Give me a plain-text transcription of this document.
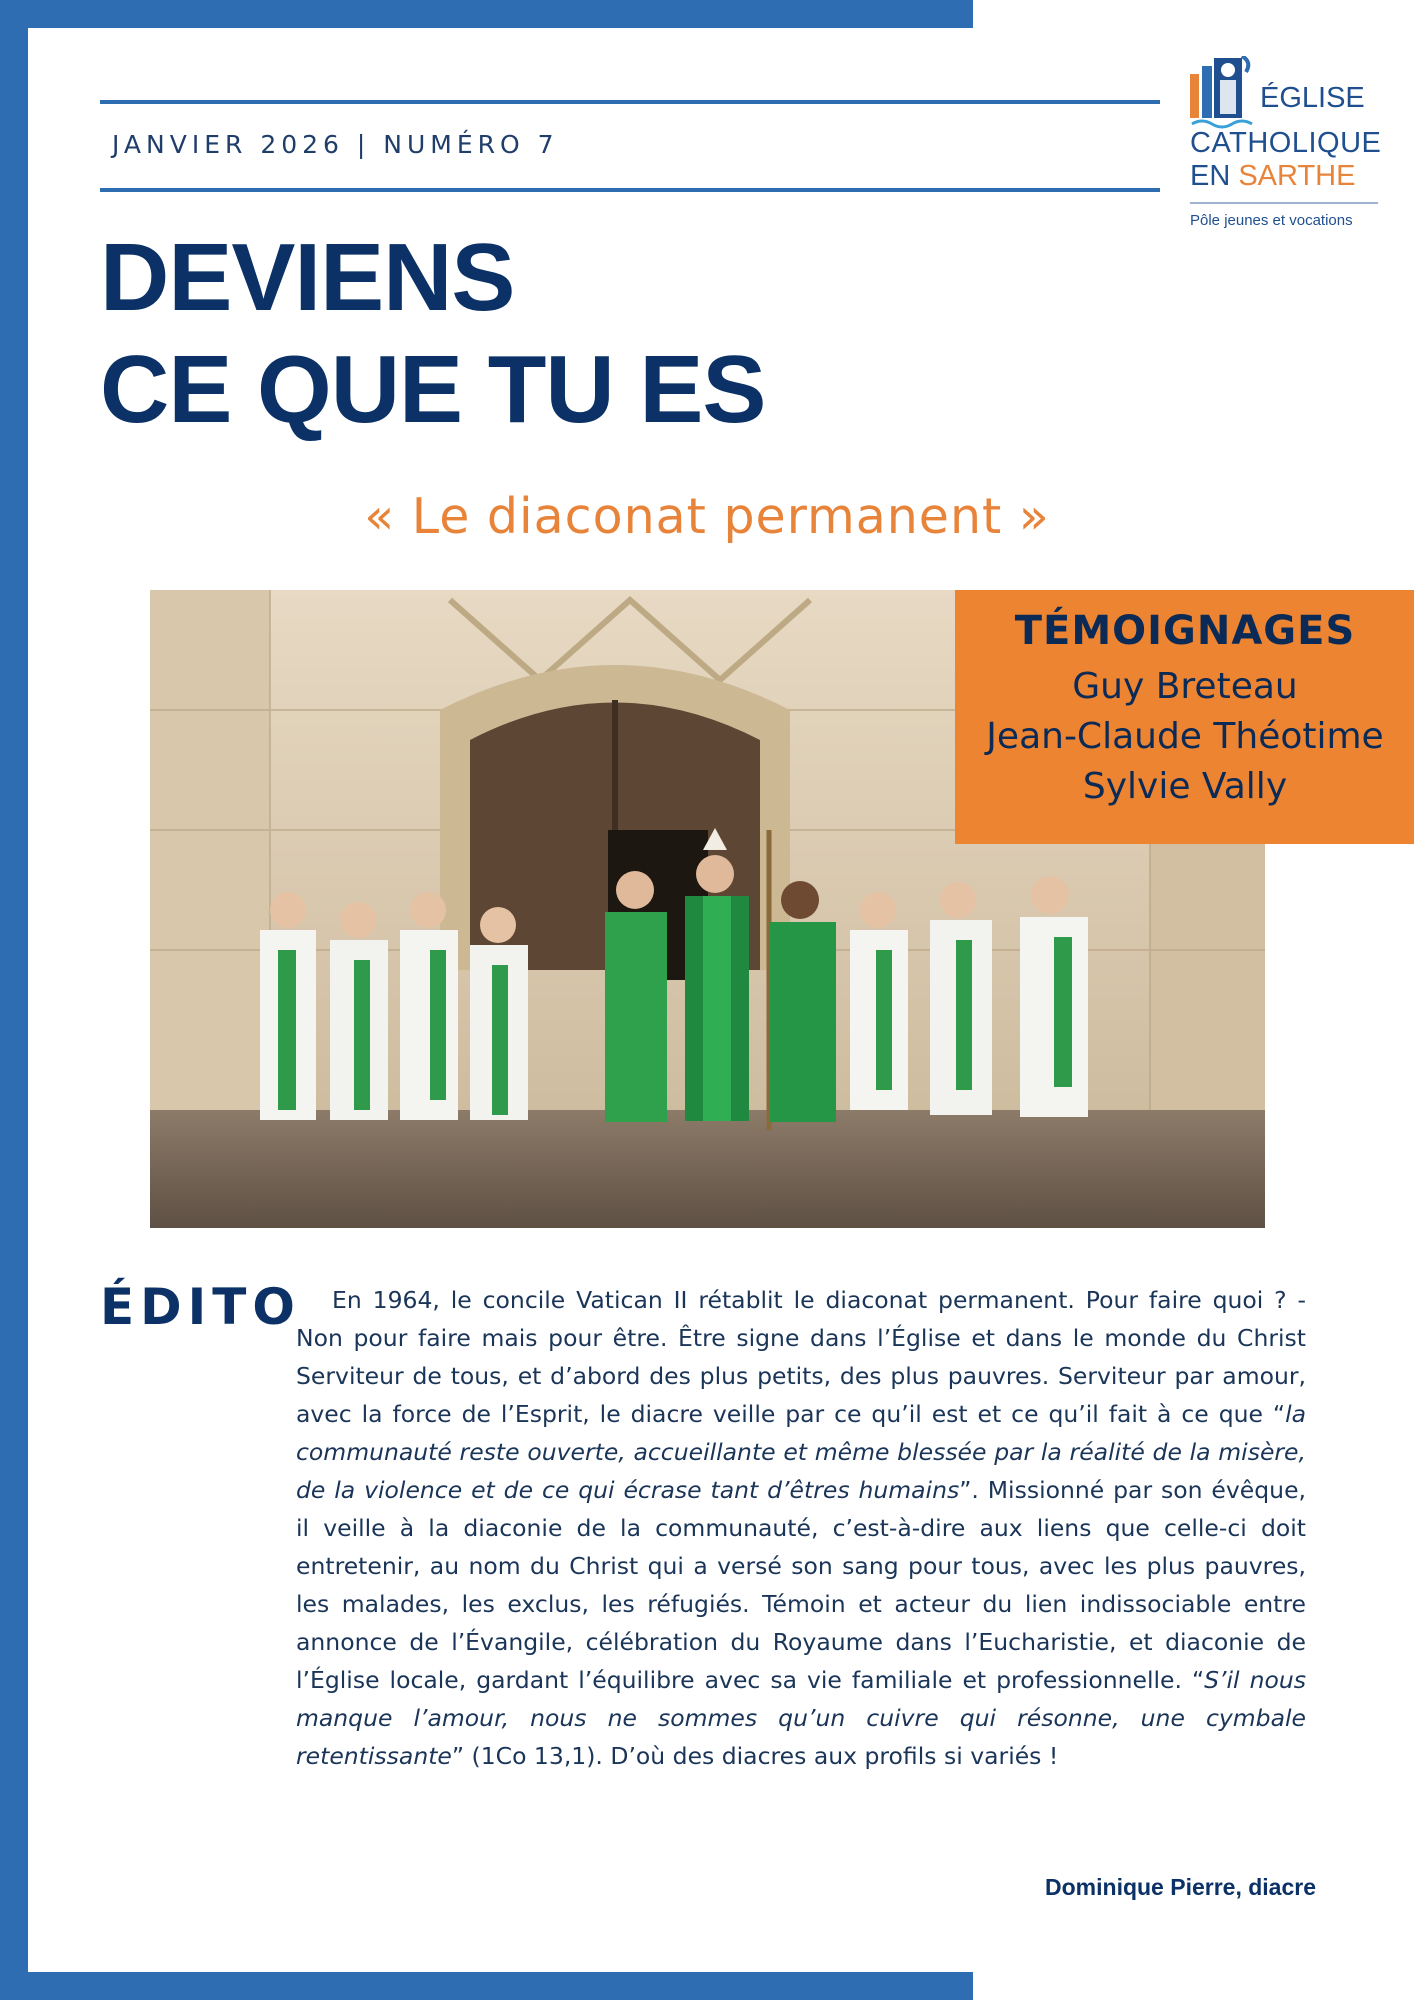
JANVIER 2026 | NUMÉRO 7
ÉGLISE
CATHOLIQUE
EN SARTHE
Pôle jeunes et vocations
DEVIENS
CE QUE TU ES
« Le diaconat permanent »
TÉMOIGNAGES
Guy Breteau
Jean-Claude Théotime
Sylvie Vally
ÉDITO	En 1964, le concile Vatican II rétablit le diaconat permanent. Pour faire quoi ? - Non pour faire mais pour être. Être signe dans l’Église et dans le monde du Christ Serviteur de tous, et d’abord des plus petits, des plus pauvres. Serviteur par amour, avec la force de l’Esprit, le diacre veille par ce qu’il est et ce qu’il fait à ce que “la communauté reste ouverte, accueillante et même blessée par la réalité de la misère, de la violence et de ce qui écrase tant d’êtres humains”. Missionné par son évêque, il veille à la diaconie de la communauté, c’est-à-dire aux liens que celle-ci doit entretenir, au nom du Christ qui a versé son sang pour tous, avec les plus pauvres, les malades, les exclus, les réfugiés. Témoin et acteur du lien indissociable entre annonce de l’Évangile, célébration du Royaume dans l’Eucharistie, et diaconie de l’Église locale, gardant l’équilibre avec sa vie familiale et professionnelle. “S’il nous manque l’amour, nous ne sommes qu’un cuivre qui résonne, une cymbale retentissante” (1Co 13,1). D’où des diacres aux profils si variés !

Dominique Pierre, diacre
